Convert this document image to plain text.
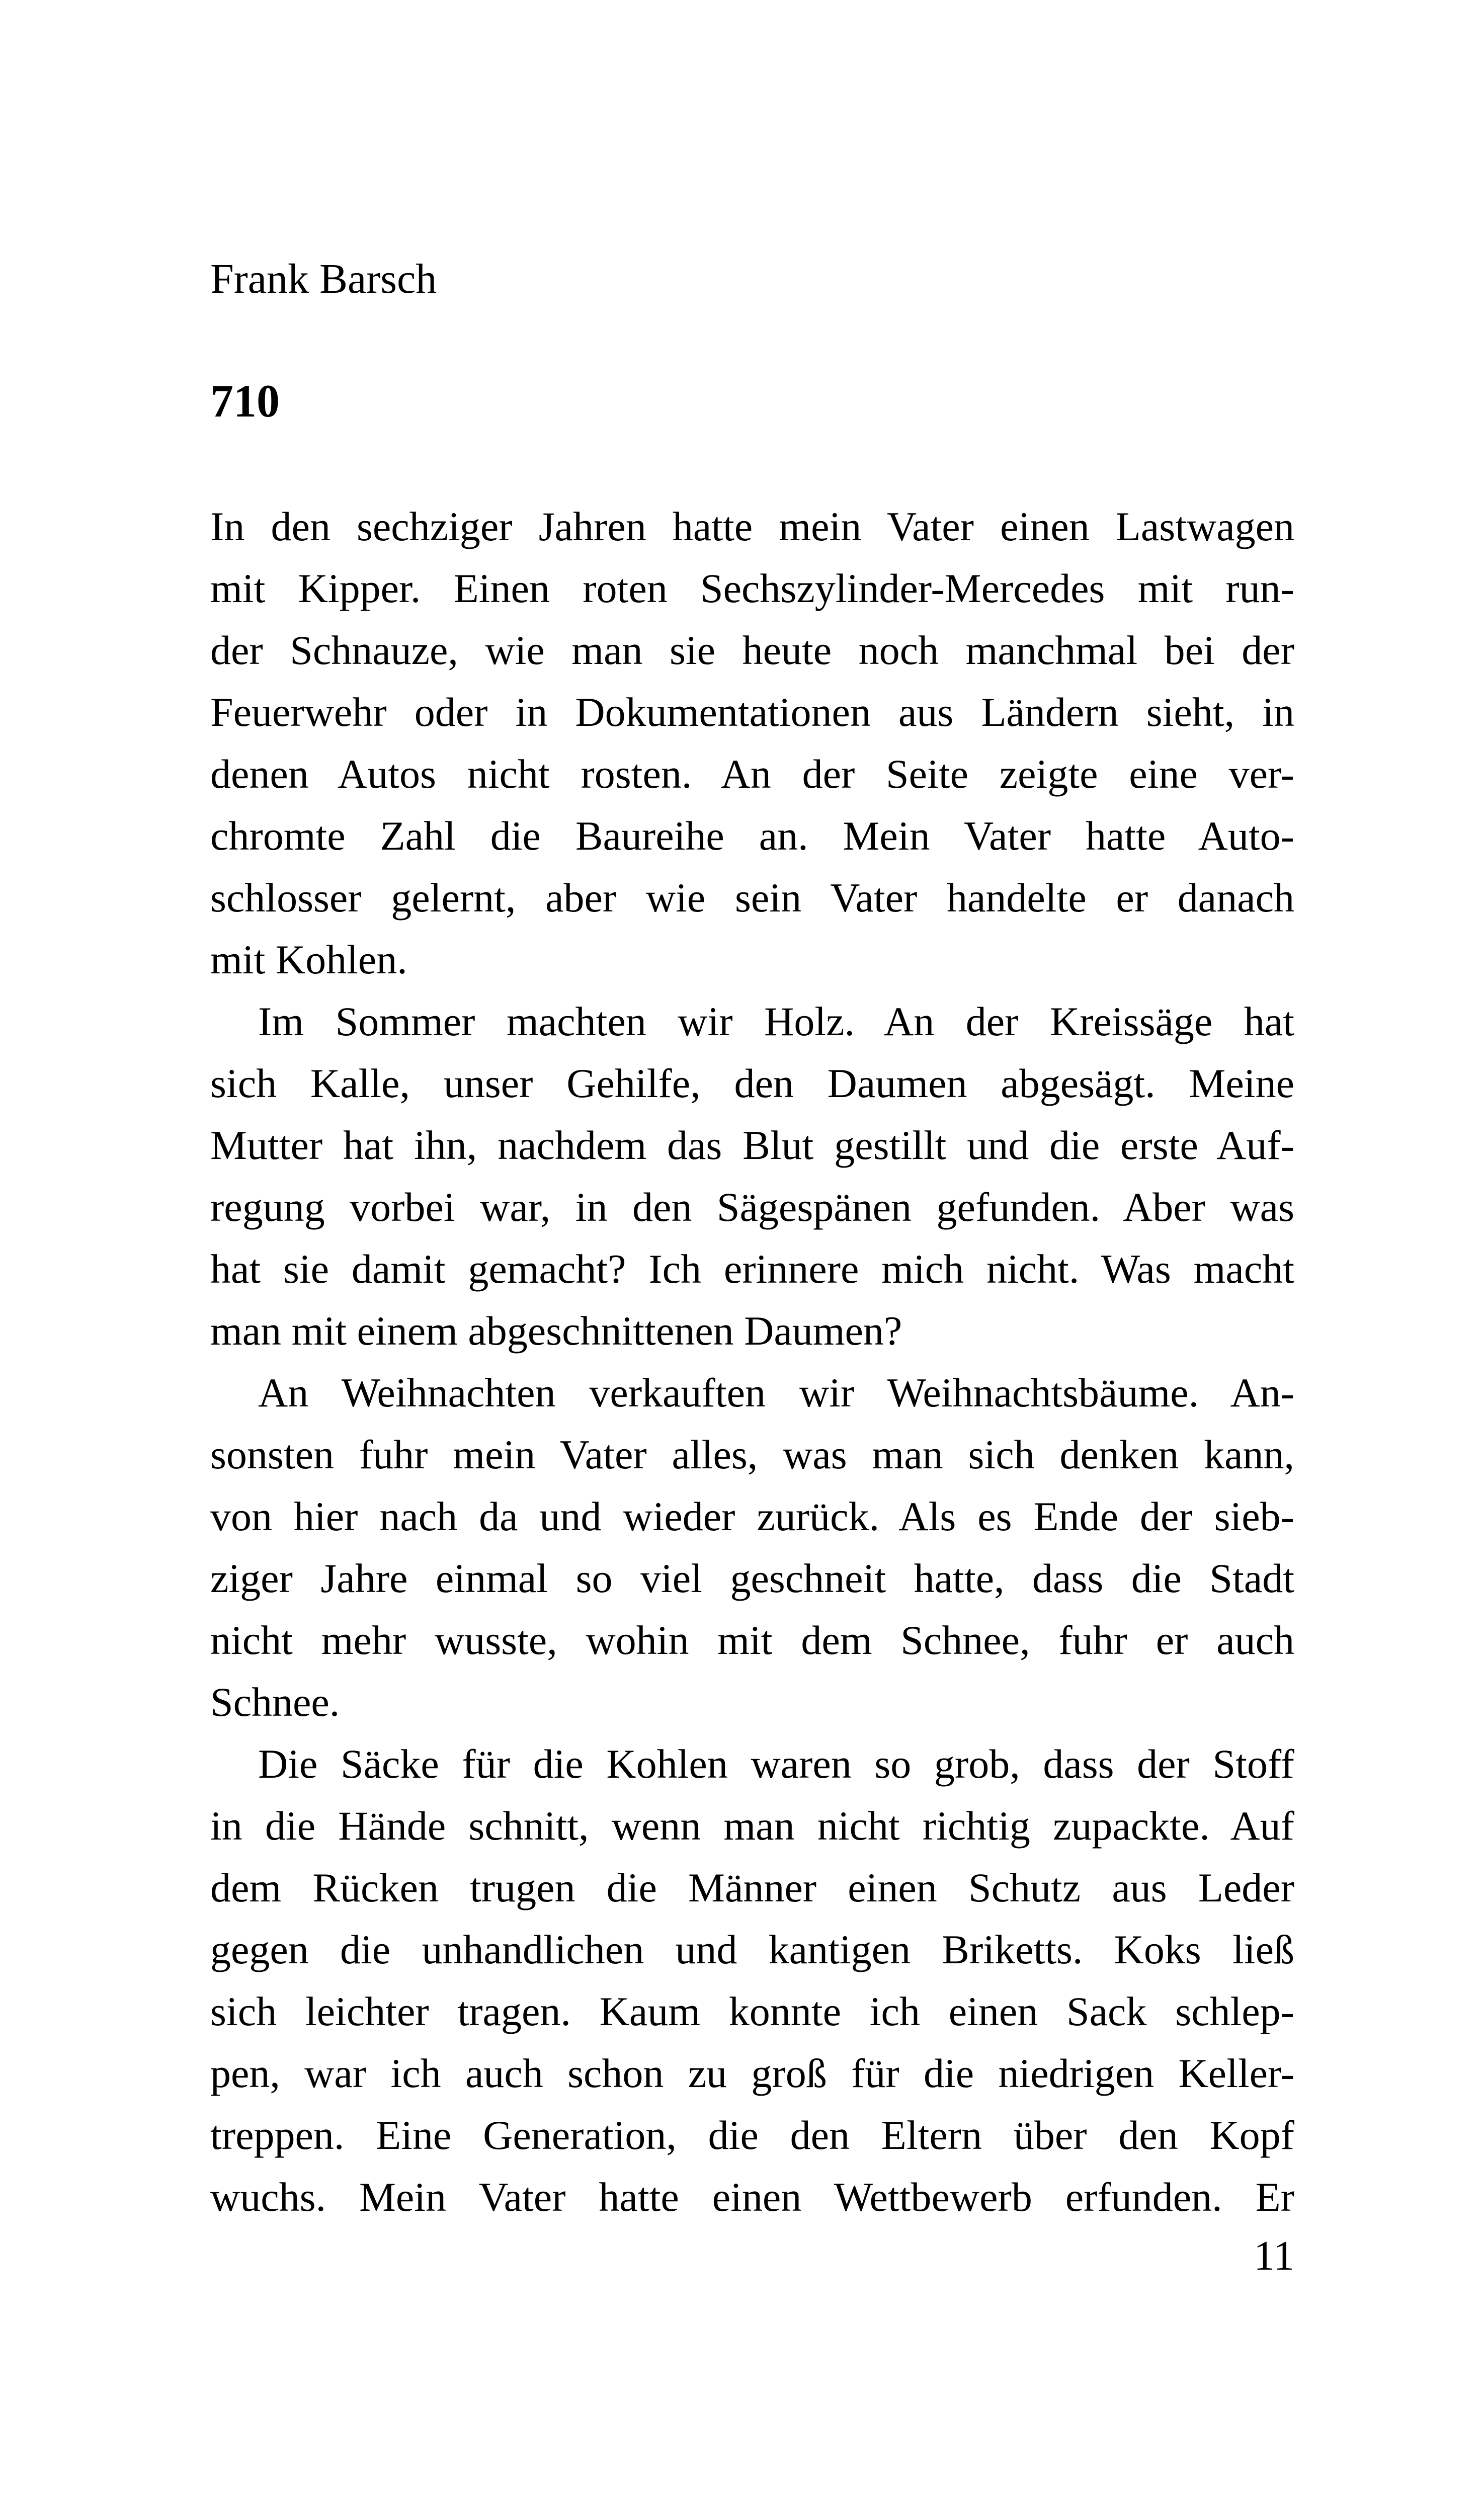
Frank Barsch
710
In den sechziger Jahren hatte mein Vater einen Lastwagen
mit Kipper. Einen roten Sechszylinder-Mercedes mit run-
der Schnauze, wie man sie heute noch manchmal bei der
Feuerwehr oder in Dokumentationen aus Ländern sieht, in
denen Autos nicht rosten. An der Seite zeigte eine ver-
chromte Zahl die Baureihe an. Mein Vater hatte Auto-
schlosser gelernt, aber wie sein Vater handelte er danach
mit Kohlen.
Im Sommer machten wir Holz. An der Kreissäge hat
sich Kalle, unser Gehilfe, den Daumen abgesägt. Meine
Mutter hat ihn, nachdem das Blut gestillt und die erste Auf-
regung vorbei war, in den Sägespänen gefunden. Aber was
hat sie damit gemacht? Ich erinnere mich nicht. Was macht
man mit einem abgeschnittenen Daumen?
An Weihnachten verkauften wir Weihnachtsbäume. An-
sonsten fuhr mein Vater alles, was man sich denken kann,
von hier nach da und wieder zurück. Als es Ende der sieb-
ziger Jahre einmal so viel geschneit hatte, dass die Stadt
nicht mehr wusste, wohin mit dem Schnee, fuhr er auch
Schnee.
Die Säcke für die Kohlen waren so grob, dass der Stoff
in die Hände schnitt, wenn man nicht richtig zupackte. Auf
dem Rücken trugen die Männer einen Schutz aus Leder
gegen die unhandlichen und kantigen Briketts. Koks ließ
sich leichter tragen. Kaum konnte ich einen Sack schlep-
pen, war ich auch schon zu groß für die niedrigen Keller-
treppen. Eine Generation, die den Eltern über den Kopf
wuchs. Mein Vater hatte einen Wettbewerb erfunden. Er
11
